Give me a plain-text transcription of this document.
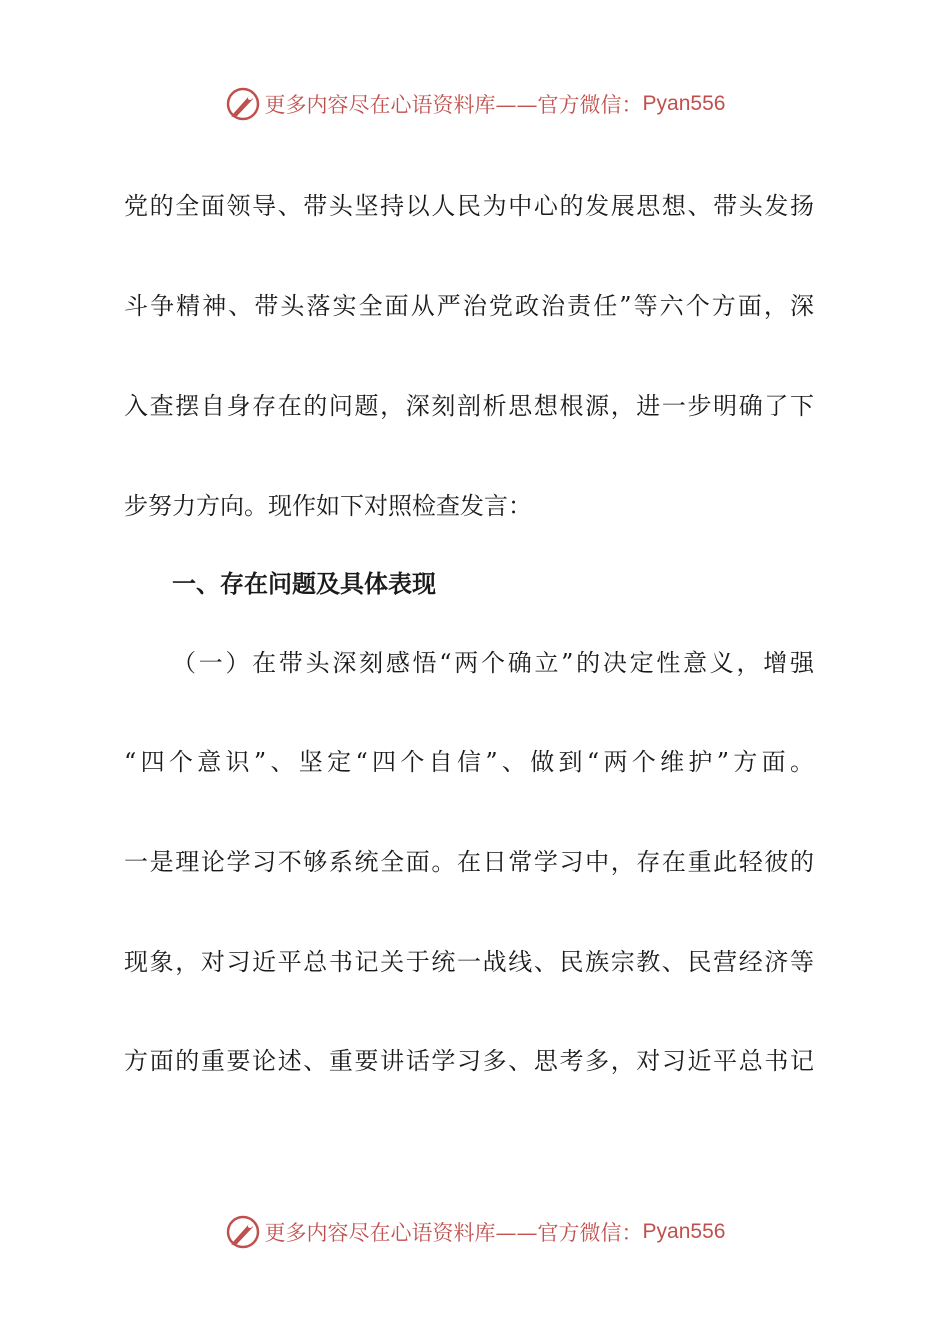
更多内容尽在心语资料库——官方微信： Pyan556
党的全面领导、带头坚持以人民为中心的发展思想、带头发扬
斗争精神、带头落实全面从严治党政治责任”等六个方面，深
入查摆自身存在的问题，深刻剖析思想根源，进一步明确了下
步努力方向。现作如下对照检查发言：
一、存在问题及具体表现
（一）在带头深刻感悟“两个确立”的决定性意义，增强
“四个意识”、坚定“四个自信”、做到“两个维护”方面。
一是理论学习不够系统全面。在日常学习中，存在重此轻彼的
现象，对习近平总书记关于统一战线、民族宗教、民营经济等
方面的重要论述、重要讲话学习多、思考多，对习近平总书记
更多内容尽在心语资料库——官方微信： Pyan556
